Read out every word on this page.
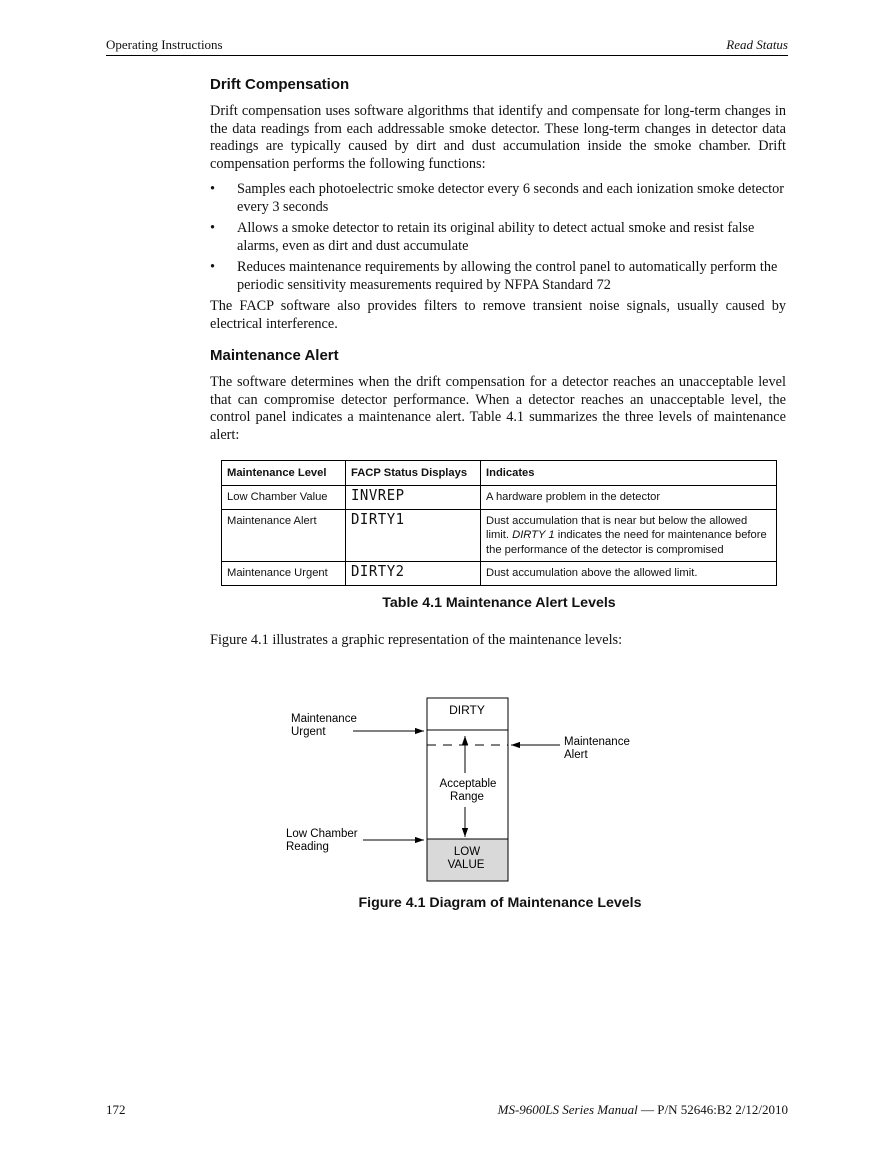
Operating Instructions	Read Status
Drift Compensation

Drift compensation uses software algorithms that identify and compensate for long-term changes in the data readings from each addressable smoke detector. These long-term changes in detector data readings are typically caused by dirt and dust accumulation inside the smoke chamber. Drift compensation performs the following functions:

• Samples each photoelectric smoke detector every 6 seconds and each ionization smoke detector every 3 seconds
• Allows a smoke detector to retain its original ability to detect actual smoke and resist false alarms, even as dirt and dust accumulate
• Reduces maintenance requirements by allowing the control panel to automatically perform the periodic sensitivity measurements required by NFPA Standard 72

The FACP software also provides filters to remove transient noise signals, usually caused by electrical interference.

Maintenance Alert

The software determines when the drift compensation for a detector reaches an unacceptable level that can compromise detector performance. When a detector reaches an unacceptable level, the control panel indicates a maintenance alert. Table 4.1 summarizes the three levels of maintenance alert:

Maintenance Level	FACP Status Displays	Indicates
Low Chamber Value	INVREP	A hardware problem in the detector
Maintenance Alert	DIRTY1	Dust accumulation that is near but below the allowed limit. DIRTY 1 indicates the need for maintenance before the performance of the detector is compromised
Maintenance Urgent	DIRTY2	Dust accumulation above the allowed limit.
Table 4.1 Maintenance Alert Levels

Figure 4.1 illustrates a graphic representation of the maintenance levels:

DIRTY
Acceptable
Range
LOW
VALUE
Maintenance
Urgent
Low Chamber
Reading
Maintenance
Alert
Figure 4.1 Diagram of Maintenance Levels
172	MS-9600LS Series Manual — P/N 52646:B2 2/12/2010
